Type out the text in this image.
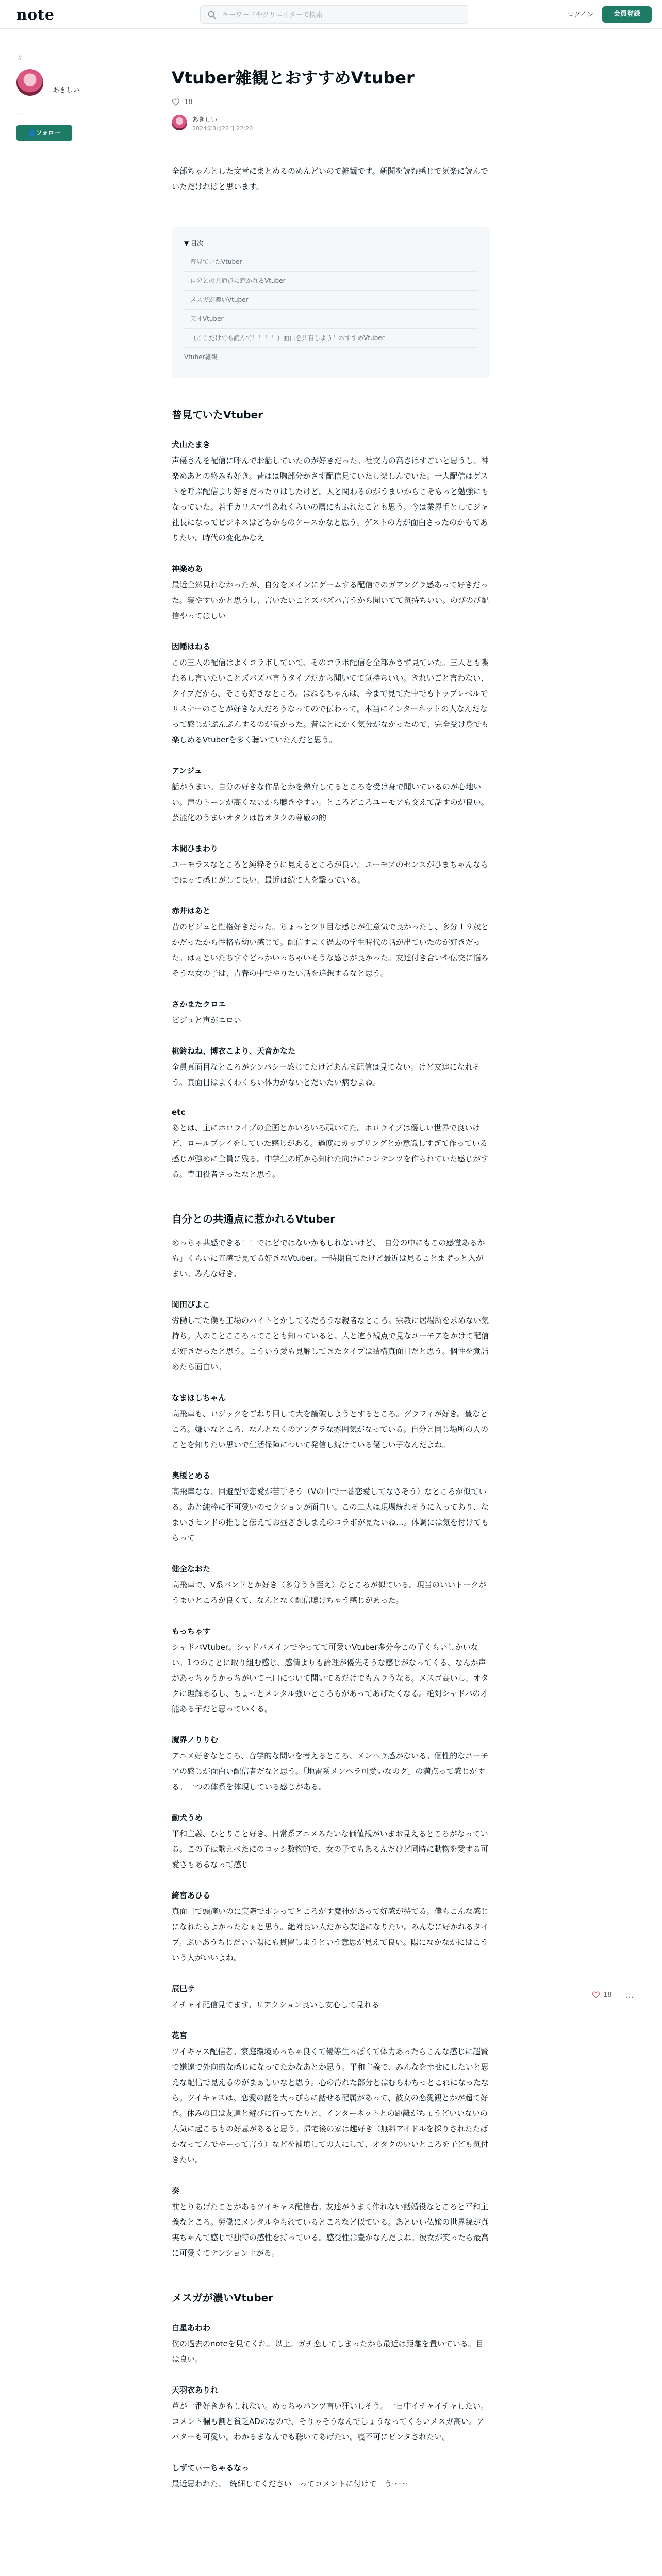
note
キーワードやクリエイターで検索	ログイン	会員登録
ガ
あきしい
...
👤フォロー
Vtuber雑観とおすすめVtuber
18
あきしい
2024年8月22日 22:20

全部ちゃんとした文章にまとめるのめんどいので雑観です。新聞を読む感じで気楽に読んでいただければと思います。

▼ 目次
普見ていたVtuber
自分との共通点に惹かれるVtuber
メスガが濃いVtuber
天才Vtuber
（ここだけでも読んで！！！！）面白を共有しよう！おすすめVtuber
Vtuber雑観
普見ていたVtuber
犬山たまき
声優さんを配信に呼んでお話していたのが好きだった。社交力の高さはすごいと思うし、神楽めあとの絡みも好き。昔はは胸部分かさず配信見ていたし楽しんでいた。一人配信はゲストを呼ぶ配信より好きだったりはしたけど。人と関わるのがうまいからこそもっと勉強にもなっていた。若手カリスマ性あれくらいの層にもふれたことも思う。今は業界手としてジャ社長になってビジネスはどちからのケースかなと思う。ゲストの方が面白さったのかもでありたい。時代の変化かなえ
神楽めあ
最近全然見れなかったが、自分をメインにゲームする配信でのガアングラ感あって好きだった。寝やすいかと思うし、言いたいことズバズバ言うから聞いてて気持ちいい。のびのび配信やってほしい
因幡はねる
この三人の配信はよくコラボしていて、そのコラボ配信を全部かさず見ていた。三人とも喋れるし言いたいことズバズバ言うタイプだから聞いてて気持ちいい。きれいごと言わない、タイプだから、そこも好きなところ。はねるちゃんは、今まで見てた中でもトップレベルでリスナーのことが好きな人だろうなってので伝わって。本当にインターネットの人なんだなって感じがぷんぷんするのが良かった。昔はとにかく気分がなかったので、完全受け身でも楽しめるVtuberを多く聴いていたんだと思う。
アンジュ
話がうまい。自分の好きな作品とかを熱弁してるところを受け身で聞いているのが心地いい。声のトーンが高くないから聴きやすい。ところどころユーモアも交えて話すのが良い。芸能化のうまいオタクは皆オタクの尊敬の的
本間ひまわり
ユーモラスなところと純粋そうに見えるところが良い。ユーモアのセンスがひまちゃんならではって感じがして良い。最近は続て人を撃っている。
赤井はあと
昔のビジュと性格好きだった。ちょっとツリ目な感じが生意気で良かったし、多分１９歳とかだったから性格も幼い感じで。配信すよく過去の学生時代の話が出ていたのが好きだった。はぁといたちすぐどっかいっちゃいそうな感じが良かった。友達付き合いや伝交に悩みそうな女の子は、青春の中でやりたい話を追想するなと思う。
さかまたクロエ
ビジュと声がエロい
桃鈴ねね、博衣こより、天音かなた
全員真面目なところがシンパシー感じてたけどあんま配信は見てない。けど友達になれそう。真面目はよくわくらい体力がないとだいたい病むよね。
etc
あとは、主にホロライブの企画とかいろいろ覗いてた。ホロライブは優しい世界で良いけど、ロールプレイをしていた感じがある。過度にカップリングとか意識しすぎて作っている感じが強めに全員に残る。中学生の頃から知れた向けにコンテンツを作られていた感じがする。豊田役者さったなと思う。
自分との共通点に惹かれるVtuber

めっちゃ共感できる！！ではどではないかもしれないけど、「自分の中にもこの感覚あるかも」くらいに直感で見てる好きなVtuber。一時期良てたけど最近は見ることまずっと入がまい。みんな好き。

岡田ぴよこ
労働してた僕も工場のバイトとかしてるだろうな親者なところ。宗教に居場所を求めない気持ち。人のことこころってことも知っていると、人と違う観点で見なユーモアをかけて配信が好きだったと思う。こういう愛も見解してきたタイプは結構真面目だと思う。個性を煮詰めたら面白い。
なまほしちゃん
高飛車も、ロジックをごねり回して大を論破しようとするところ。グラフィが好き。豊なところ。嫌いなところ、なんとなくのアングラな雰囲気がなっている。自分と同じ場所の人のことを知りたい思いで生活保障について発信し続けている優しい子なんだよね。
奥榎とめる
高飛車なな、回避型で恋愛が苦手そう（Vの中で一番恋愛してなさそう）なところが似ている。あと純粋に不可愛いのセクションが面白い。この二人は現場統れそうに入ってあり、なまいきセンドの推しと伝えてお昼ざきしまえのコラボが見たいね…。体調には気を付けてもらって
健全なおた
高飛車で、V系バンドとか好き（多分うう至え）なところが似ている。現当のいいトークがうまいところが良くて、なんとなく配信聴けちゃう感じがあった。
もっちゃす
シャドバVtuber。シャドバメインでやってて可愛いVtuber多分今この子くらいしかいない。1つのことに取り組む感じ、感情よりも論理が優先そうな感じがなってくる、なんか声があっちゃうかっちがいて三口について聞いてるだけでもムラうなる。メスゴ高いし、オタクに理解あるし、ちょっとメンタル強いところもがあってあげたくなる。絶対シャドバの才能ある子だと思っていくる。
魔界ノりりむ
アニメ好きなところ、音学的な問いを考えるところ、メンヘラ感がないる。個性的なユーモアの感じが面白い配信者だなと思う。「地雷系メンヘラ可愛いなのグ」の満点って感じがする。一つの体系を体現している感じがある。
勤犬うめ
平和主義、ひとりこと好き、日常系アニメみたいな価値観がいまお見えるところがなっている。この子は歌えべたにのコッシ数物的で、女の子でもあるんだけど同時に動物を愛する可愛さもあるなって感じ
綺宮あひる
真面目で頭痛いのに実際でポンってところがす魔神があって好感が持てる。僕もこんな感じになれたらよかったなぁと思う。絶対良い人だから友達になりたい。みんなに好かれるタイプ。ぶいあうちじだいい陽にも貫留しようという意思が見えて良い。陽になかなかにはこういう人がいいよね。
辰巳サ
イチャイ配信見てます。リアクション良いし安心して見れる
花宮
ツイキャス配信者。家庭環境めっちゃ良くて優等生っぽくて体力あったらこんな感じに超賢で嫌遠で外向的な感じになってたかなあとか思う。平和主義で、みんなを幸せにしたいと思えな配信で見えるのがまぁしいなと思う。心の汚れた部分とはむらわちっとこれになったなら。ツイキャスは、恋愛の話を大っぴらに話せる配属があって、彼女の恋愛観とかが超て好き。休みの日は友達と遊びに行ってたりと、インターネットとの距離がちょうどいいないの人気に起こるもの好意があると思う。帰宅後の家は趣好き（無料アイドルを採りされたたばかなってんでやーって言う）などを補填しての人にして、オタクのいいところを子ども気付きたい。
奏
前とりあげたことがあるツイキャス配信者。友達がうまく作れない話婚役なところと平和主義なところ。労働にメンタルやられているところなど似ている。あといい仏嬢の世界線が真実ちゃんて感じで独特の感性を持っている。感受性は豊かなんだよね。彼女が笑ったら最高に可愛くてテンション上がる。
メスガが濃いVtuber
白星あわわ
僕の過去のnoteを見てくれ。以上。ガチ恋してしまったから最近は距離を置いている。目は良い。
天羽衣ありれ
芦が一番好きかもしれない。めっちゃパンツ言い狂いしそう。一日中イチャイチャしたい。コメント欄も割と貧乏ADのなので、そりゃそうなんでしょうなってくらいメスガ高い。アバターも可愛い。わかるまなんでも聴いてあげたい。寝不可にビンタされたい。
しずてぃーちゃるなっ
最近思われた、「統細してください」ってコメントに付けて「う～～
18 …
